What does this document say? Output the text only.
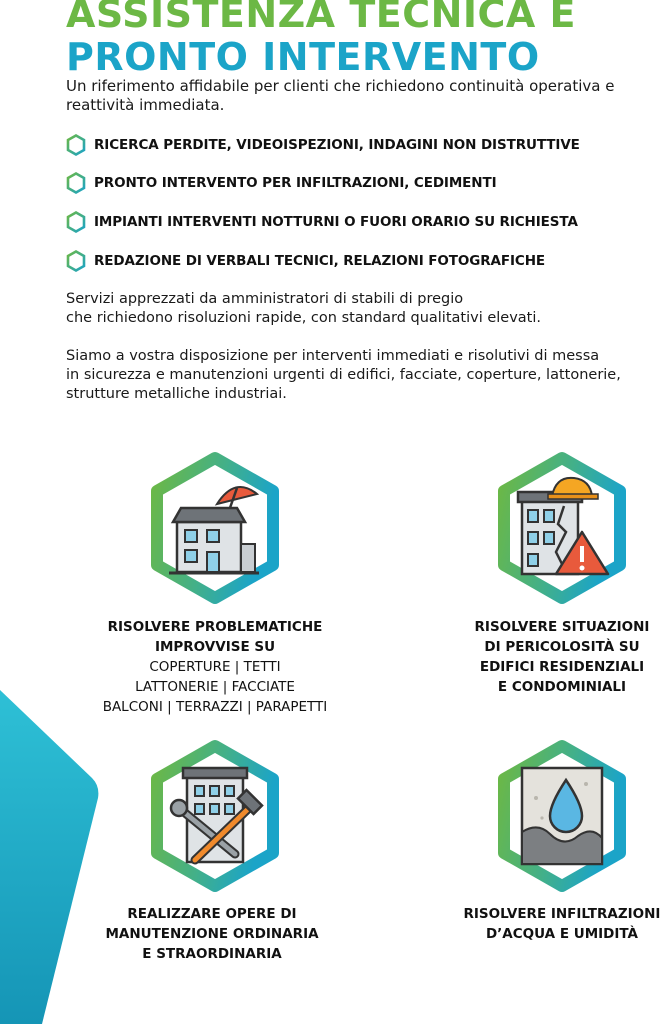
ASSISTENZA TECNICA E
PRONTO INTERVENTO

Un riferimento affidabile per clienti che richiedono continuità operativa e reattività immediata.

RICERCA PERDITE, VIDEOISPEZIONI, INDAGINI NON DISTRUTTIVE
PRONTO INTERVENTO PER INFILTRAZIONI, CEDIMENTI
IMPIANTI INTERVENTI NOTTURNI O FUORI ORARIO SU RICHIESTA
REDAZIONE DI VERBALI TECNICI, RELAZIONI FOTOGRAFICHE

Servizi apprezzati da amministratori di stabili di pregio
che richiedono risoluzioni rapide, con standard qualitativi elevati.

Siamo a vostra disposizione per interventi immediati e risolutivi di messa
in sicurezza e manutenzioni urgenti di edifici, facciate, coperture, lattonerie,
strutture metalliche industriai.

RISOLVERE PROBLEMATICHE
IMPROVVISE SU
COPERTURE | TETTI
LATTONERIE | FACCIATE
BALCONI | TERRAZZI | PARAPETTI
RISOLVERE SITUAZIONI
DI PERICOLOSITÀ SU
EDIFICI RESIDENZIALI
E CONDOMINIALI
REALIZZARE OPERE DI
MANUTENZIONE ORDINARIA
E STRAORDINARIA
RISOLVERE INFILTRAZIONI
D’ACQUA E UMIDITÀ
